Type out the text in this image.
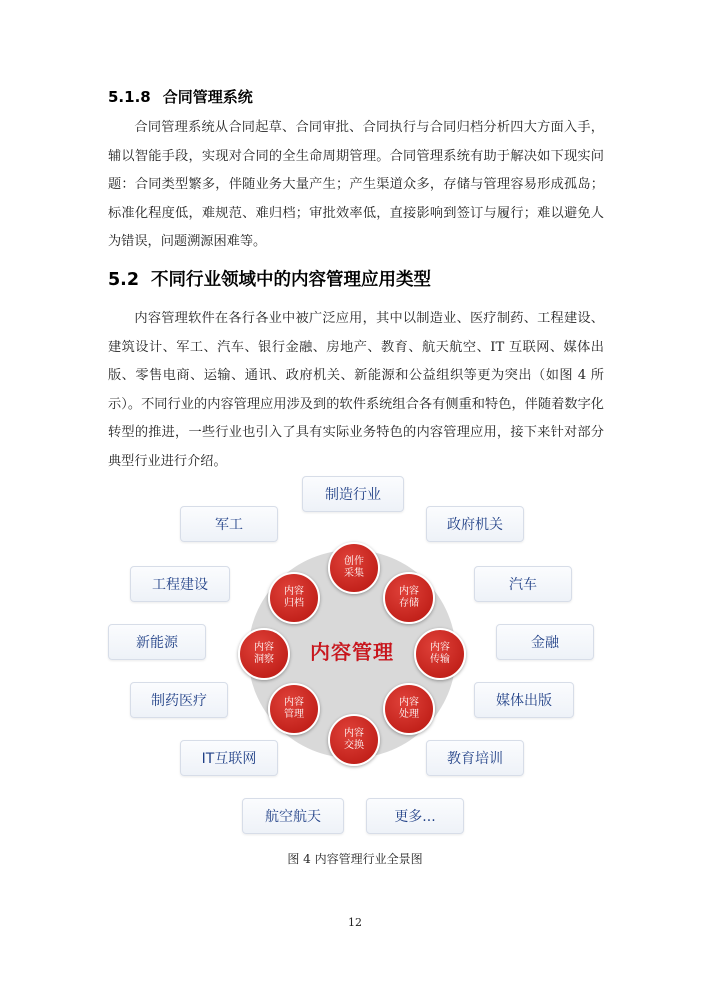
5.1.8 合同管理系统

合同管理系统从合同起草、合同审批、合同执行与合同归档分析四大方面入手，辅以智能手段，实现对合同的全生命周期管理。合同管理系统有助于解决如下现实问题：合同类型繁多，伴随业务大量产生；产生渠道众多，存储与管理容易形成孤岛；标准化程度低，难规范、难归档；审批效率低，直接影响到签订与履行；难以避免人为错误，问题溯源困难等。

5.2 不同行业领域中的内容管理应用类型

内容管理软件在各行各业中被广泛应用，其中以制造业、医疗制药、工程建设、建筑设计、军工、汽车、银行金融、房地产、教育、航天航空、IT 互联网、媒体出版、零售电商、运输、通讯、政府机关、新能源和公益组织等更为突出（如图 4 所示）。不同行业的内容管理应用涉及到的软件系统组合各有侧重和特色，伴随着数字化转型的推进，一些行业也引入了具有实际业务特色的内容管理应用，接下来针对部分典型行业进行介绍。

内容管理
创作
采集
内容
存储
内容
传输
内容
处理
内容
交换
内容
管理
内容
洞察
内容
归档
制造行业
政府机关
汽车
金融
媒体出版
教育培训
更多...
航空航天
IT互联网
制药医疗
新能源
工程建设
军工

图 4 内容管理行业全景图

12
